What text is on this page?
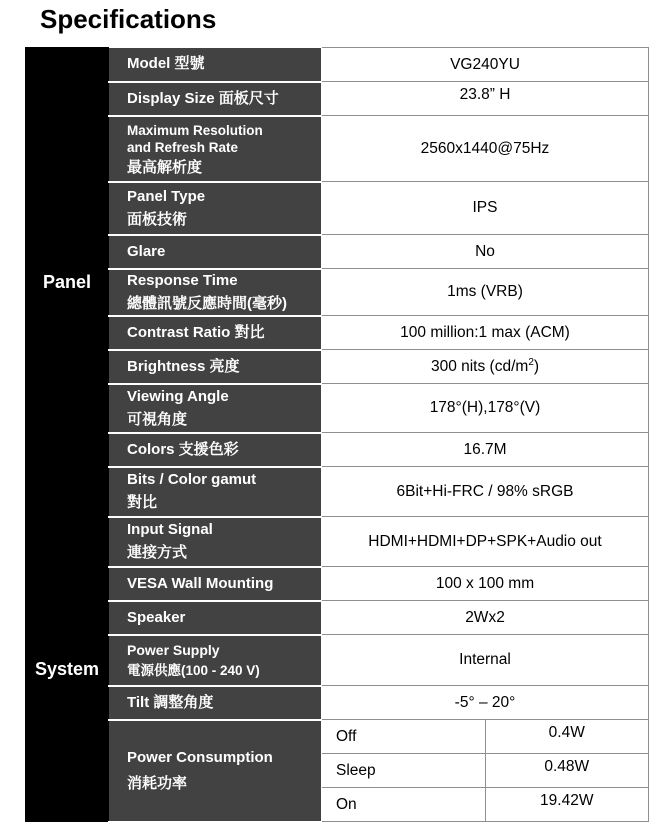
Specifications
Panel	Model 型號	VG240YU	
	Display Size 面板尺寸	23.8” H	

	Maximum Resolution
and Refresh Rate
最高解析度	2560x1440@75Hz	

	Panel Type
面板技術	IPS	
	Glare	No	

	Response Time
總體訊號反應時間(毫秒)	1ms (VRB)	
	Contrast Ratio 對比	100 million:1 max (ACM)	
	Brightness 亮度	300 nits $(cd/m^2)$	

	Viewing Angle
可視角度	178°(H),178°(V)	
	Colors 支援色彩	16.7M	

	Bits / Color gamut
對比	6Bit+Hi-FRC / 98% sRGB	
System	Input Signal
連接方式	HDMI+HDMI+DP+SPK+Audio out	
	VESA Wall Mounting	100 x 100 mm	
	Speaker	2Wx2	

	Power Supply
電源供應(100 - 240 V)	Internal	
	Tilt 調整角度	-5° – 20°	

	Power Consumption
消耗功率	Off	0.4W
		Sleep	0.48W
		On	19.42W
